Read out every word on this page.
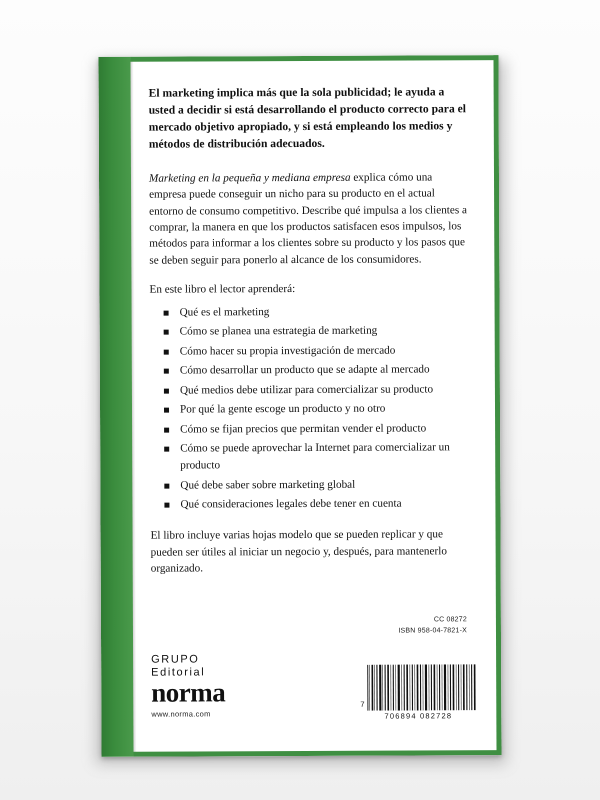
El marketing implica más que la sola publicidad; le ayuda a usted a decidir si está desarrollando el producto correcto para el mercado objetivo apropiado, y si está empleando los medios y métodos de distribución adecuados.

Marketing en la pequeña y mediana empresa explica cómo una empresa puede conseguir un nicho para su producto en el actual entorno de consumo competitivo. Describe qué impulsa a los clientes a comprar, la manera en que los productos satisfacen esos impulsos, los métodos para informar a los clientes sobre su producto y los pasos que se deben seguir para ponerlo al alcance de los consumidores.

En este libro el lector aprenderá:

Qué es el marketing
Cómo se planea una estrategia de marketing
Cómo hacer su propia investigación de mercado
Cómo desarrollar un producto que se adapte al mercado
Qué medios debe utilizar para comercializar su producto
Por qué la gente escoge un producto y no otro
Cómo se fijan precios que permitan vender el producto
Cómo se puede aprovechar la Internet para comercializar un producto
Qué debe saber sobre marketing global
Qué consideraciones legales debe tener en cuenta

El libro incluye varias hojas modelo que se pueden replicar y que pueden ser útiles al iniciar un negocio y, después, para mantenerlo organizado.

CC 08272
ISBN 958-04-7821-X
GRUPO
Editorial
norma
www.norma.com
7
706894 082728
